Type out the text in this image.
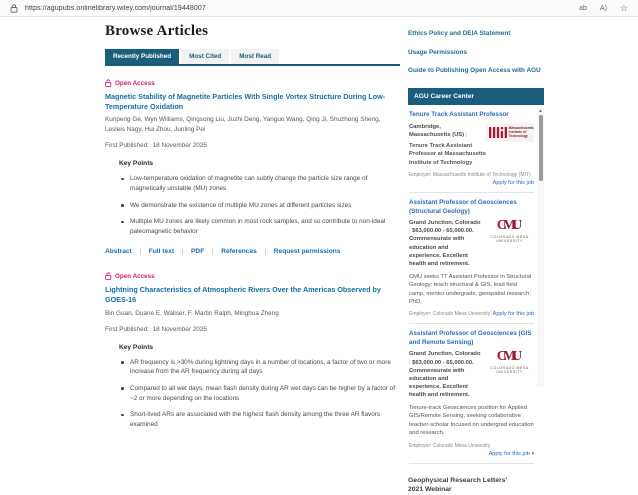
https://agupubs.onlinelibrary.wiley.com/journal/19448007	ab A) ☆
Browse Articles
Recently Published	Most Cited	Most Read
Open Access
Magnetic Stability of Magnetite Particles With Single Vortex Structure During Low‐Temperature Oxidation
Kunpeng Ge, Wyn Williams, Qingsong Liu, Juzhi Deng, Yanguo Wang, Qing Ji, Shuzhong Sheng, Lesleis Nagy, Hui Zhou, Junling Pei
First Published: 18 November 2025
Key Points
Low-temperature oxidation of magnetite can subtly change the particle size range of magnetically unstable (MU) zones
We demonstrate the existence of multiple MU zones at different particles sizes
Multiple MU zones are likely common in most rock samples, and so contribute to non-ideal paleomagnetic behavior
Abstract	Full text	PDF	References	Request permissions
Open Access
Lightning Characteristics of Atmospheric Rivers Over the Americas Observed by GOES‐16
Bin Guan, Duane E. Waliser, F. Martin Ralph, Minghua Zheng
First Published: 18 November 2025
Key Points
AR frequency is >30% during lightning days in a number of locations, a factor of two or more increase from the AR frequency during all days
Compared to all wet days, mean flash density during AR wet days can be higher by a factor of ~2 or more depending on the locations
Short-lived ARs are associated with the highest flash density among the three AR flavors examined
Ethics Policy and DEIA Statement
Usage Permissions
Guide to Publishing Open Access with AGU
AGU Career Center
Tenure Track Assistant Professor
Cambridge, Massachusetts (US) |
Tenure Track Assistant Professor at Massachusetts Institute of Technology
Massachusetts Institute of Technology
Employer: Massachusetts Institute of Technology (MIT)
Apply for this job
Assistant Professor of Geosciences (Structural Geology)
Grand Junction, Colorado | $63,000.00 - 65,000.00. Commensurate with education and experience. Excellent health and retirement.
CMU
COLORADO MESA UNIVERSITY
CMU seeks TT Assistant Professor in Structural Geology: teach structural & GIS, lead field camp, mentor undergrads, geospatial research; PhD.
Employer: Colorado Mesa University Apply for this job
Assistant Professor of Geosciences (GIS and Remote Sensing)
Grand Junction, Colorado | $63,000.00 - 65,000.00. Commensurate with education and experience. Excellent health and retirement.
CMU
COLORADO MESA UNIVERSITY
Tenure-track Geosciences position for Applied GIS/Remote Sensing, seeking collaborative teacher-scholar focused on undergrad education and research.
Employer: Colorado Mesa University
Apply for this job ▾
▲
Geophysical Research Letters' 2021 Webinar
